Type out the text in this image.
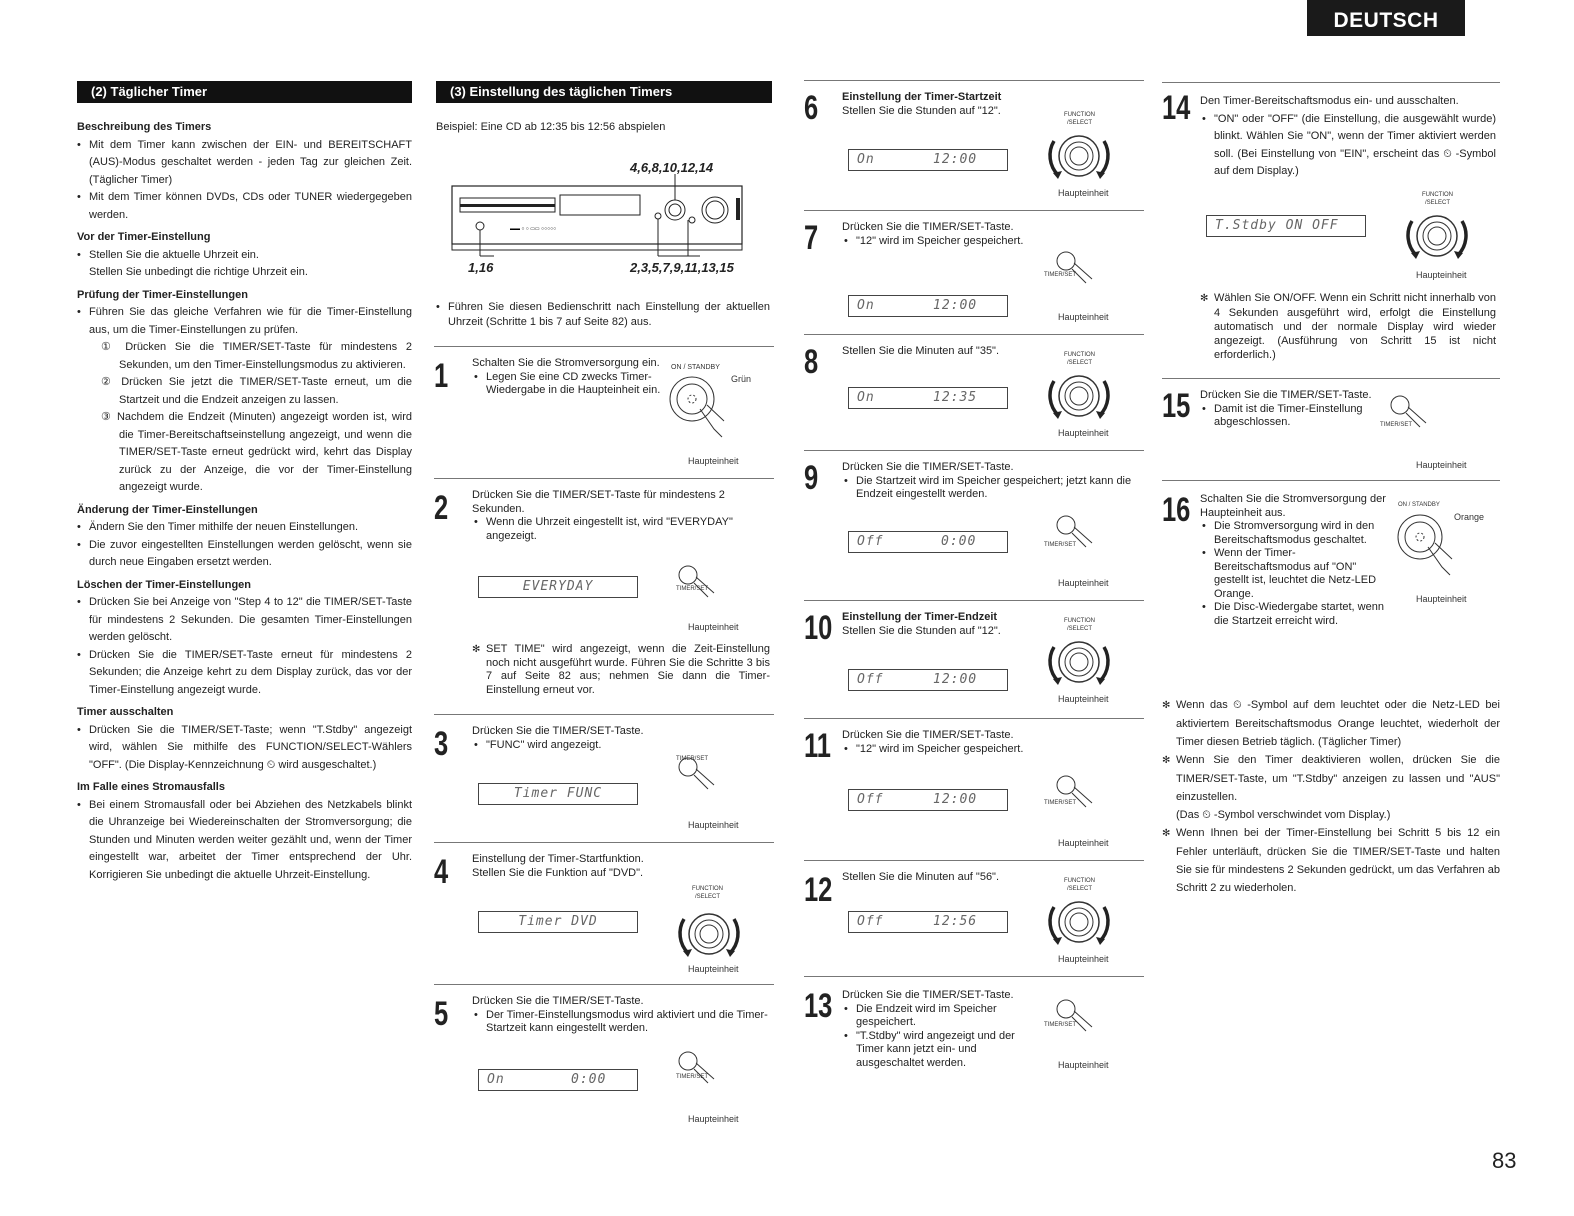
DEUTSCH
83
(2) Täglicher Timer
Beschreibung des Timers
• Mit dem Timer kann zwischen der EIN- und BEREITSCHAFT (AUS)-Modus geschaltet werden - jeden Tag zur gleichen Zeit. (Täglicher Timer)
• Mit dem Timer können DVDs, CDs oder TUNER wiedergegeben werden.
Vor der Timer-Einstellung
• Stellen Sie die aktuelle Uhrzeit ein.
Stellen Sie unbedingt die richtige Uhrzeit ein.
Prüfung der Timer-Einstellungen
• Führen Sie das gleiche Verfahren wie für die Timer-Einstellung aus, um die Timer-Einstellungen zu prüfen.
① Drücken Sie die TIMER/SET-Taste für mindestens 2 Sekunden, um den Timer-Einstellungsmodus zu aktivieren.
② Drücken Sie jetzt die TIMER/SET-Taste erneut, um die Startzeit und die Endzeit anzeigen zu lassen.
③ Nachdem die Endzeit (Minuten) angezeigt worden ist, wird die Timer-Bereitschaftseinstellung angezeigt, und wenn die TIMER/SET-Taste erneut gedrückt wird, kehrt das Display zurück zu der Anzeige, die vor der Timer-Einstellung angezeigt wurde.
Änderung der Timer-Einstellungen
• Ändern Sie den Timer mithilfe der neuen Einstellungen.
• Die zuvor eingestellten Einstellungen werden gelöscht, wenn sie durch neue Eingaben ersetzt werden.
Löschen der Timer-Einstellungen
• Drücken Sie bei Anzeige von "Step 4 to 12" die TIMER/SET-Taste für mindestens 2 Sekunden. Die gesamten Timer-Einstellungen werden gelöscht.
• Drücken Sie die TIMER/SET-Taste erneut für mindestens 2 Sekunden; die Anzeige kehrt zu dem Display zurück, das vor der Timer-Einstellung angezeigt wurde.
Timer ausschalten
• Drücken Sie die TIMER/SET-Taste; wenn "T.Stdby" angezeigt wird, wählen Sie mithilfe des FUNCTION/SELECT-Wählers "OFF". (Die Display-Kennzeichnung ⏲ wird ausgeschaltet.)
Im Falle eines Stromausfalls
• Bei einem Stromausfall oder bei Abziehen des Netzkabels blinkt die Uhranzeige bei Wiedereinschalten der Stromversorgung; die Stunden und Minuten werden weiter gezählt und, wenn der Timer eingestellt war, arbeitet der Timer entsprechend der Uhr. Korrigieren Sie unbedingt die aktuelle Uhrzeit-Einstellung.
(3) Einstellung des täglichen Timers
Beispiel: Eine CD ab 12:35 bis 12:56 abspielen
4,6,8,10,12,14
▬▬ ○ ○ ▭▭ ○○○○○
1,16	2,3,5,7,9,11,13,15
• Führen Sie diesen Bedienschritt nach Einstellung der aktuellen Uhrzeit (Schritte 1 bis 7 auf Seite 82) aus.
1 Schalten Sie die Stromversorgung ein.
• Legen Sie eine CD zwecks Timer-Wiedergabe in die Haupteinheit ein.
ON / STANDBY
Grün
Haupteinheit
2 Drücken Sie die TIMER/SET-Taste für mindestens 2 Sekunden.
• Wenn die Uhrzeit eingestellt ist, wird "EVERYDAY" angezeigt.
EVERYDAY	TIMER/SET
Haupteinheit
✻ SET TIME" wird angezeigt, wenn die Zeit-Einstellung noch nicht ausgeführt wurde. Führen Sie die Schritte 3 bis 7 auf Seite 82 aus; nehmen Sie dann die Timer-Einstellung erneut vor.
3 Drücken Sie die TIMER/SET-Taste.
• "FUNC" wird angezeigt.
Timer FUNC
TIMER/SET
Haupteinheit
4 Einstellung der Timer-Startfunktion.
Stellen Sie die Funktion auf "DVD".
FUNCTION
/SELECT
Timer DVD
Haupteinheit
5 Drücken Sie die TIMER/SET-Taste.
• Der Timer-Einstellungsmodus wird aktiviert und die Timer-Startzeit kann eingestellt werden.
On	0:00	TIMER/SET
Haupteinheit
6 Einstellung der Timer-Startzeit
Stellen Sie die Stunden auf "12".	FUNCTION
/SELECT
On	12:00
Haupteinheit
7 Drücken Sie die TIMER/SET-Taste.
• "12" wird im Speicher gespeichert.
TIMER/SET
On	12:00
Haupteinheit
8 Stellen Sie die Minuten auf "35".	FUNCTION
/SELECT
On	12:35
Haupteinheit
9 Drücken Sie die TIMER/SET-Taste.
• Die Startzeit wird im Speicher gespeichert; jetzt kann die Endzeit eingestellt werden.
TIMER/SET
Off	0:00
Haupteinheit
10 Einstellung der Timer-Endzeit
Stellen Sie die Stunden auf "12".
FUNCTION
/SELECT
Off	12:00
Haupteinheit
11 Drücken Sie die TIMER/SET-Taste.
• "12" wird im Speicher gespeichert.
TIMER/SET
Off	12:00
Haupteinheit
12 Stellen Sie die Minuten auf "56".	FUNCTION
/SELECT
Off	12:56
Haupteinheit
13 Drücken Sie die TIMER/SET-Taste.
• Die Endzeit wird im Speicher gespeichert.
• "T.Stdby" wird angezeigt und der Timer kann jetzt ein- und ausgeschaltet werden.
TIMER/SET
Haupteinheit
14 Den Timer-Bereitschaftsmodus ein- und ausschalten.
• "ON" oder "OFF" (die Einstellung, die ausgewählt wurde) blinkt. Wählen Sie "ON", wenn der Timer aktiviert werden soll. (Bei Einstellung von "EIN", erscheint das ⏲ -Symbol auf dem Display.)
T.Stdby ON OFF
FUNCTION
/SELECT
Haupteinheit
✻ Wählen Sie ON/OFF. Wenn ein Schritt nicht innerhalb von 4 Sekunden ausgeführt wird, erfolgt die Einstellung automatisch und der normale Display wird wieder angezeigt. (Ausführung von Schritt 15 ist nicht erforderlich.)
15 Drücken Sie die TIMER/SET-Taste.
• Damit ist die Timer-Einstellung abgeschlossen.	TIMER/SET
Haupteinheit
16 Schalten Sie die Stromversorgung der Haupteinheit aus.
• Die Stromversorgung wird in den Bereitschaftsmodus geschaltet.
• Wenn der Timer-Bereitschaftsmodus auf "ON" gestellt ist, leuchtet die Netz-LED Orange.
• Die Disc-Wiedergabe startet, wenn die Startzeit erreicht wird.
ON / STANDBY
Orange
Haupteinheit
✻ Wenn das ⏲ -Symbol auf dem leuchtet oder die Netz-LED bei aktiviertem Bereitschaftsmodus Orange leuchtet, wiederholt der Timer diesen Betrieb täglich. (Täglicher Timer)
✻ Wenn Sie den Timer deaktivieren wollen, drücken Sie die TIMER/SET-Taste, um "T.Stdby" anzeigen zu lassen und "AUS" einzustellen.
(Das ⏲ -Symbol verschwindet vom Display.)
✻ Wenn Ihnen bei der Timer-Einstellung bei Schritt 5 bis 12 ein Fehler unterläuft, drücken Sie die TIMER/SET-Taste und halten Sie sie für mindestens 2 Sekunden gedrückt, um das Verfahren ab Schritt 2 zu wiederholen.
